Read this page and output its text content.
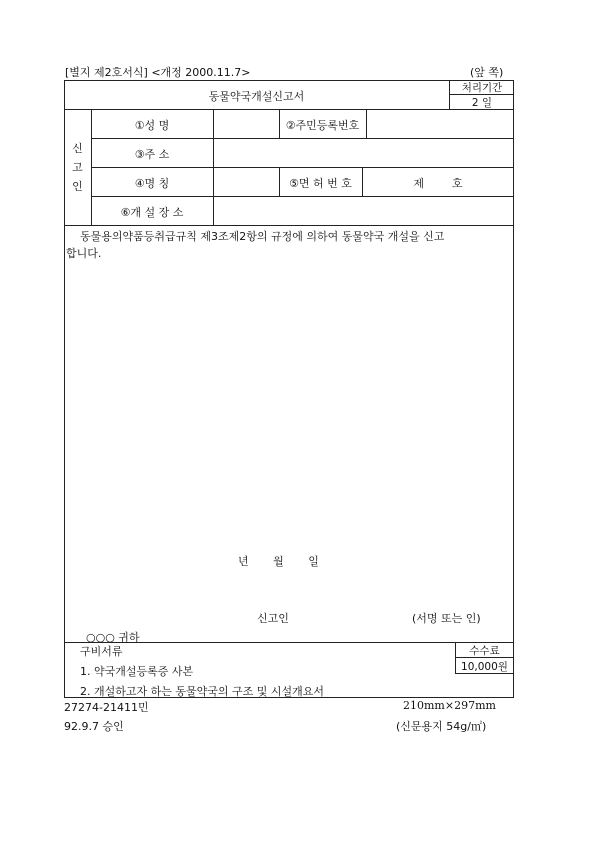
[별지 제2호서식] <개정 2000.11.7>	(앞 쪽)
동물약국개설신고서
처리기간
2 일
신
고
인
①성 명	②주민등록번호
③주 소
④명 칭	⑤면 허 번 호	제        호
⑥개 설 장 소
동물용의약품등취급규칙 제3조제2항의 규정에 의하여 동물약국 개설을 신고
합니다.
년       월       일
신고인	(서명 또는 인)
○○○ 귀하
구비서류
1. 약국개설등록증 사본
2. 개설하고자 하는 동물약국의 구조 및 시설개요서
수수료
10,000원
27274-21411민	210mm×297mm
92.9.7 승인	(신문용지 54g/㎡)
